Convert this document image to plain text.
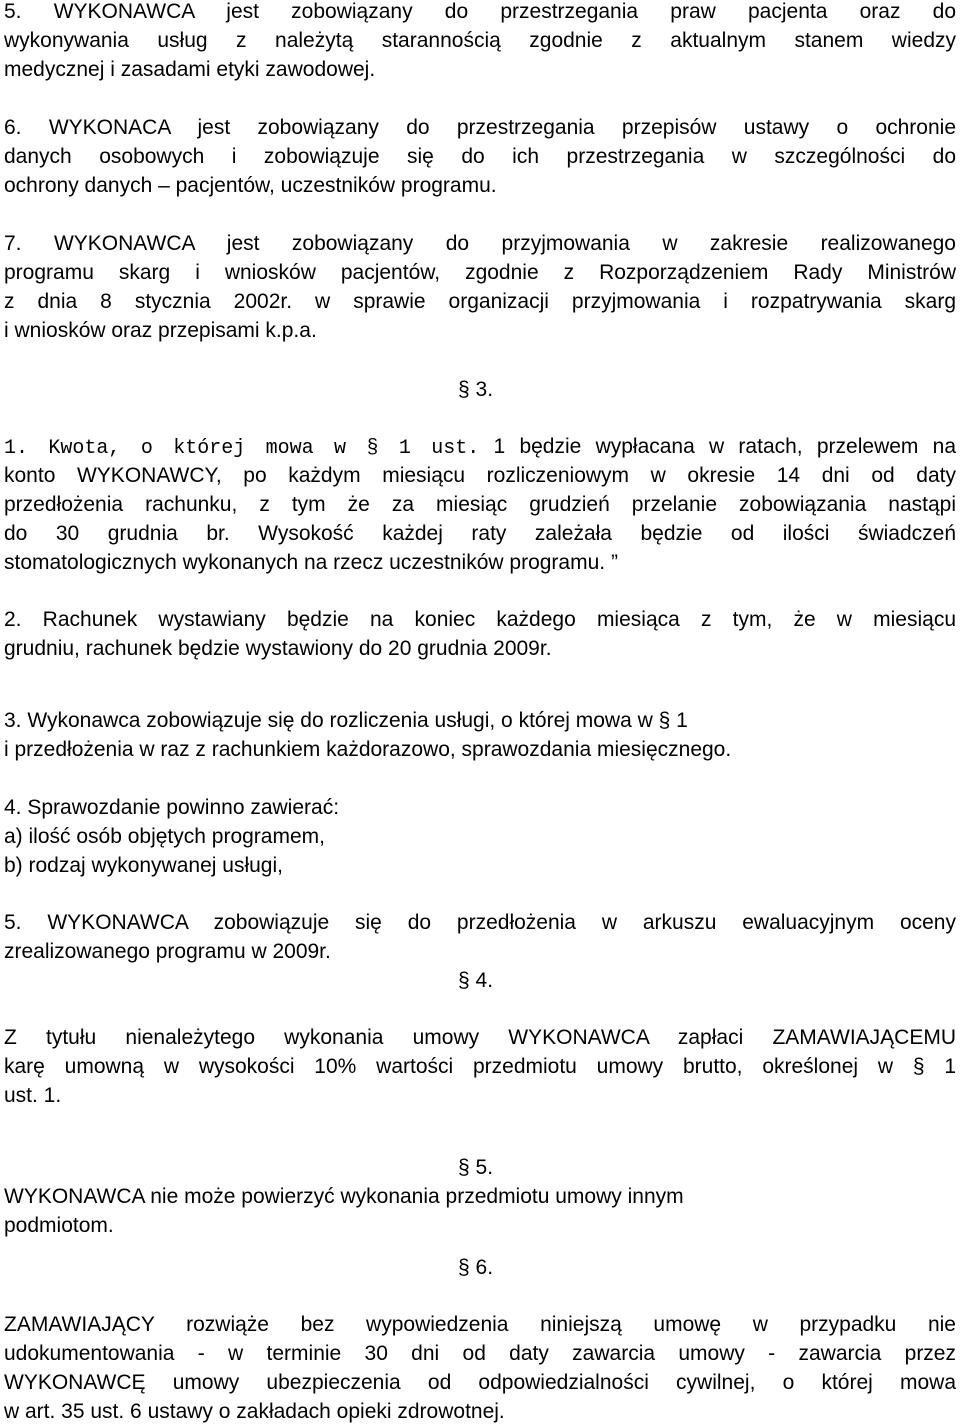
5. WYKONAWCA jest zobowiązany do przestrzegania praw pacjenta oraz do
wykonywania usług z należytą starannością zgodnie z aktualnym stanem wiedzy
medycznej i zasadami etyki zawodowej.
6. WYKONACA jest zobowiązany do przestrzegania przepisów ustawy o ochronie
danych osobowych i zobowiązuje się do ich przestrzegania w szczególności do
ochrony danych – pacjentów, uczestników programu.
7. WYKONAWCA jest zobowiązany do przyjmowania w zakresie realizowanego
programu skarg i wniosków pacjentów, zgodnie z Rozporządzeniem Rady Ministrów
z dnia 8 stycznia 2002r. w sprawie organizacji przyjmowania i rozpatrywania skarg
i wniosków oraz przepisami k.p.a.
§ 3.
1. Kwota, o której mowa w § 1 ust. 1 będzie wypłacana w ratach, przelewem na
konto WYKONAWCY, po każdym miesiącu rozliczeniowym w okresie 14 dni od daty
przedłożenia rachunku, z tym że za miesiąc grudzień przelanie zobowiązania nastąpi
do 30 grudnia br. Wysokość każdej raty zależała będzie od ilości świadczeń
stomatologicznych wykonanych na rzecz uczestników programu. ”
2. Rachunek wystawiany będzie na koniec każdego miesiąca z tym, że w miesiącu
grudniu, rachunek będzie wystawiony do 20 grudnia 2009r.
3. Wykonawca zobowiązuje się do rozliczenia usługi, o której mowa w § 1
i przedłożenia w raz z rachunkiem każdorazowo, sprawozdania miesięcznego.
4. Sprawozdanie powinno zawierać:
a) ilość osób objętych programem,
b) rodzaj wykonywanej usługi,
5. WYKONAWCA zobowiązuje się do przedłożenia w arkuszu ewaluacyjnym oceny
zrealizowanego programu w 2009r.
§ 4.
Z tytułu nienależytego wykonania umowy WYKONAWCA zapłaci ZAMAWIAJĄCEMU
karę umowną w wysokości 10% wartości przedmiotu umowy brutto, określonej w § 1
ust. 1.
§ 5.
WYKONAWCA nie może powierzyć wykonania przedmiotu umowy innym
podmiotom.
§ 6.
ZAMAWIAJĄCY rozwiąże bez wypowiedzenia niniejszą umowę w przypadku nie
udokumentowania - w terminie 30 dni od daty zawarcia umowy - zawarcia przez
WYKONAWCĘ umowy ubezpieczenia od odpowiedzialności cywilnej, o której mowa
w art. 35 ust. 6 ustawy o zakładach opieki zdrowotnej.
